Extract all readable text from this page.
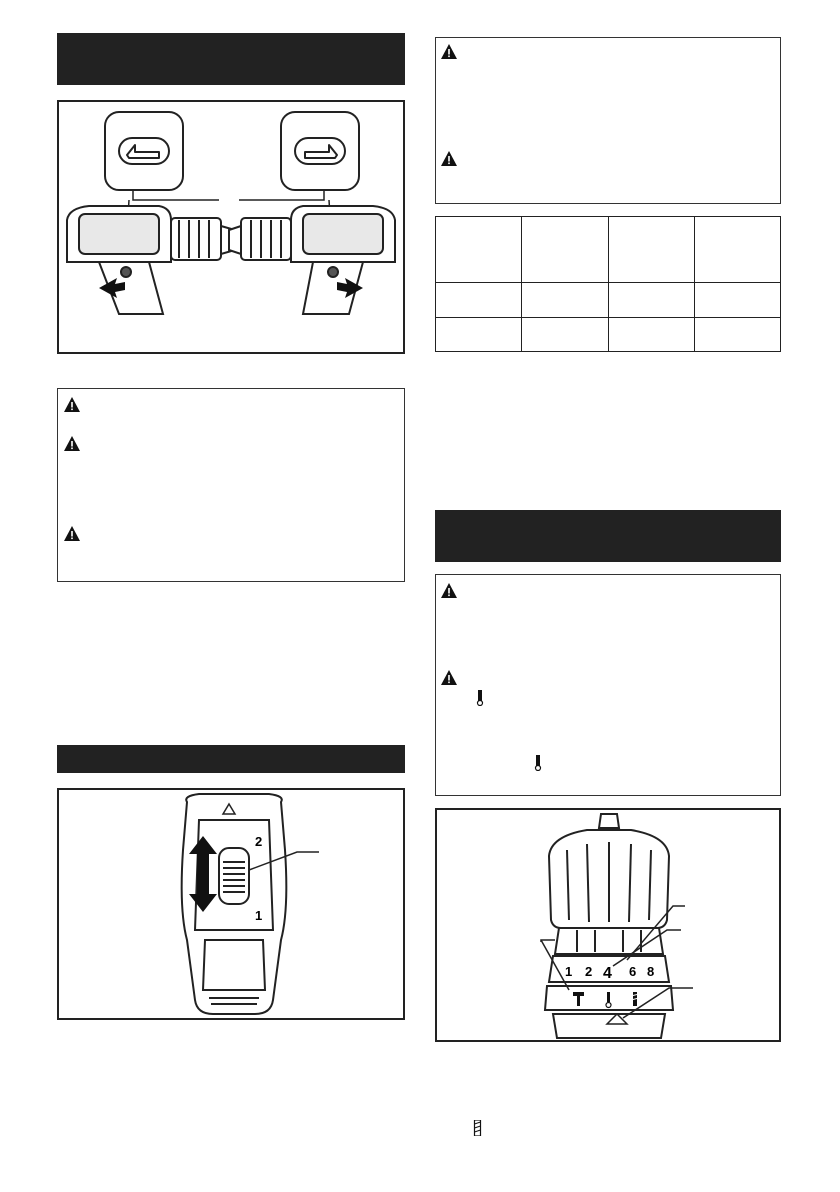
2
1

1 2 4 6 8
